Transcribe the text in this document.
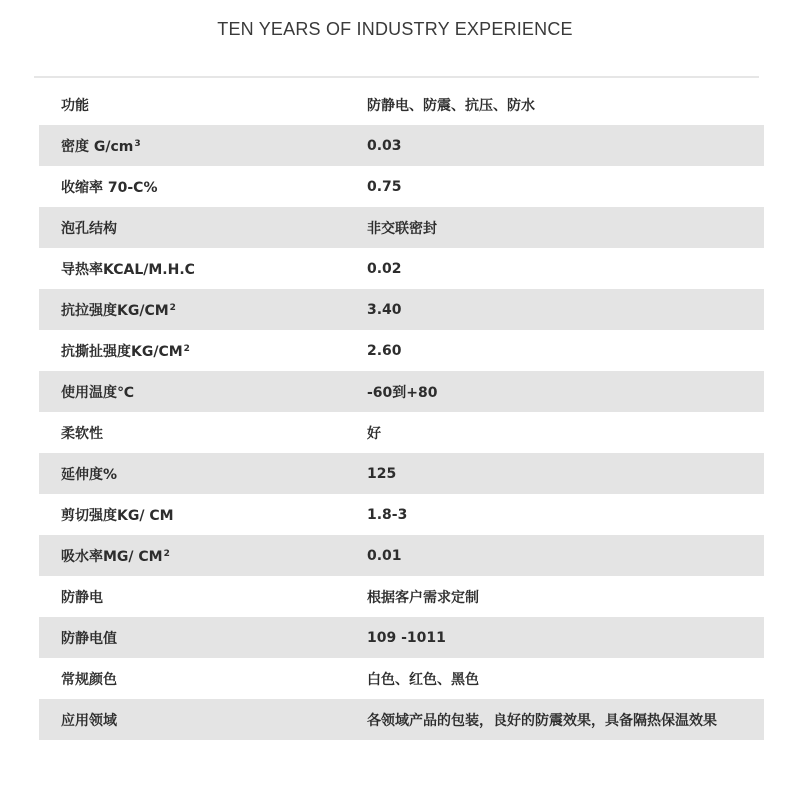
TEN YEARS OF INDUSTRY EXPERIENCE
功能	防静电、防震、抗压、防水
密度 $G/cm^3$	0.03
收缩率 70-C%	0.75
泡孔结构	非交联密封
导热率KCAL/M.H.C	0.02
抗拉强度$KG/CM^2$	3.40
抗撕扯强度$KG/CM^2$	2.60
使用温度℃	-60到+80
柔软性	好
延伸度%	125
剪切强度KG/ CM	1.8-3
吸水率MG/ $CM^2$	0.01
防静电	根据客户需求定制
防静电值	109 -1011
常规颜色	白色、红色、黑色
应用领域	各领域产品的包装，良好的防震效果，具备隔热保温效果
